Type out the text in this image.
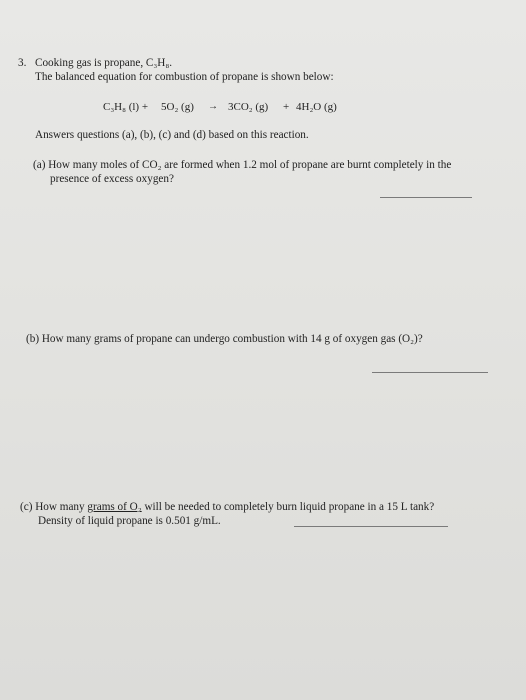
3. Cooking gas is propane, C₃H₈.
The balanced equation for combustion of propane is shown below:
C₃H₈ (l) + 5O₂ (g) → 3CO₂ (g) + 4H₂O (g)
Answers questions (a), (b), (c) and (d) based on this reaction.
(a) How many moles of CO₂ are formed when 1.2 mol of propane are burnt completely in the
presence of excess oxygen?
(b) How many grams of propane can undergo combustion with 14 g of oxygen gas (O₂)?
(c) How many grams of O₂ will be needed to completely burn liquid propane in a 15 L tank?
Density of liquid propane is 0.501 g/mL.
